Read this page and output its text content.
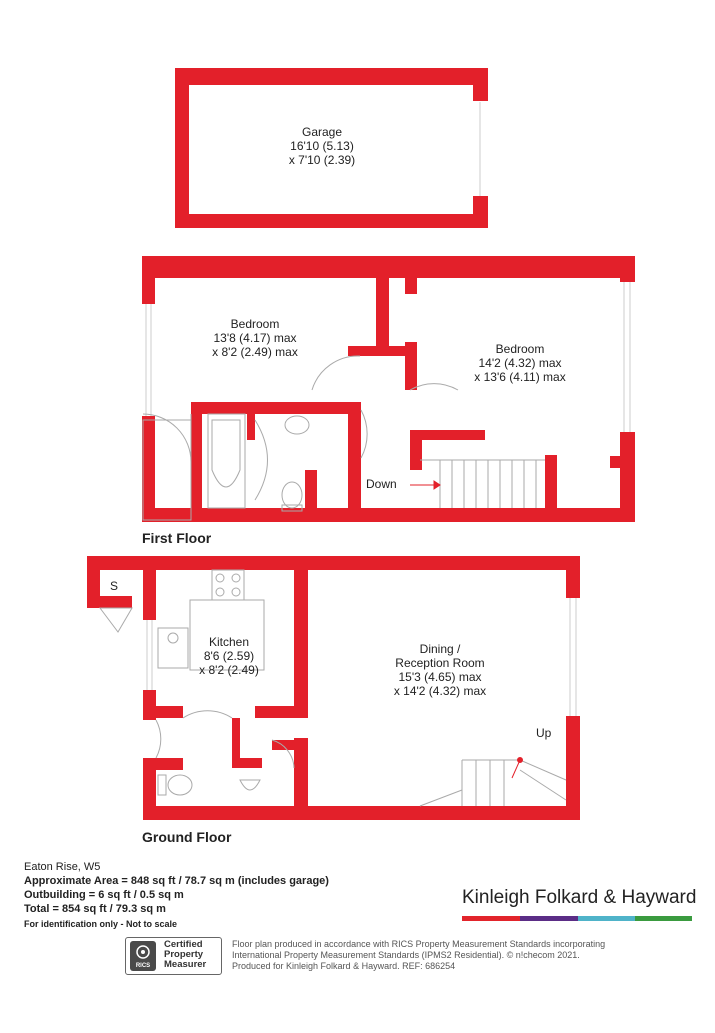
Garage
16'10 (5.13)
x 7'10 (2.39)
Bedroom
13'8 (4.17) max
x 8'2 (2.49) max	Bedroom
14'2 (4.32) max
x 13'6 (4.11) max
Kitchen
8'6 (2.59)
x 8'2 (2.49)
Dining /
Reception Room
15'3 (4.65) max
x 14'2 (4.32) max
Down
Up
S
First Floor
Ground Floor
Eaton Rise, W5
Approximate Area = 848 sq ft / 78.7 sq m (includes garage)
Outbuilding = 6 sq ft / 0.5 sq m
Total = 854 sq ft / 79.3 sq m
For identification only - Not to scale
Kinleigh Folkard & Hayward
RICS
Certified
Property
Measurer
Floor plan produced in accordance with RICS Property Measurement Standards incorporating
International Property Measurement Standards (IPMS2 Residential). © n!checom 2021.
Produced for Kinleigh Folkard & Hayward. REF: 686254
